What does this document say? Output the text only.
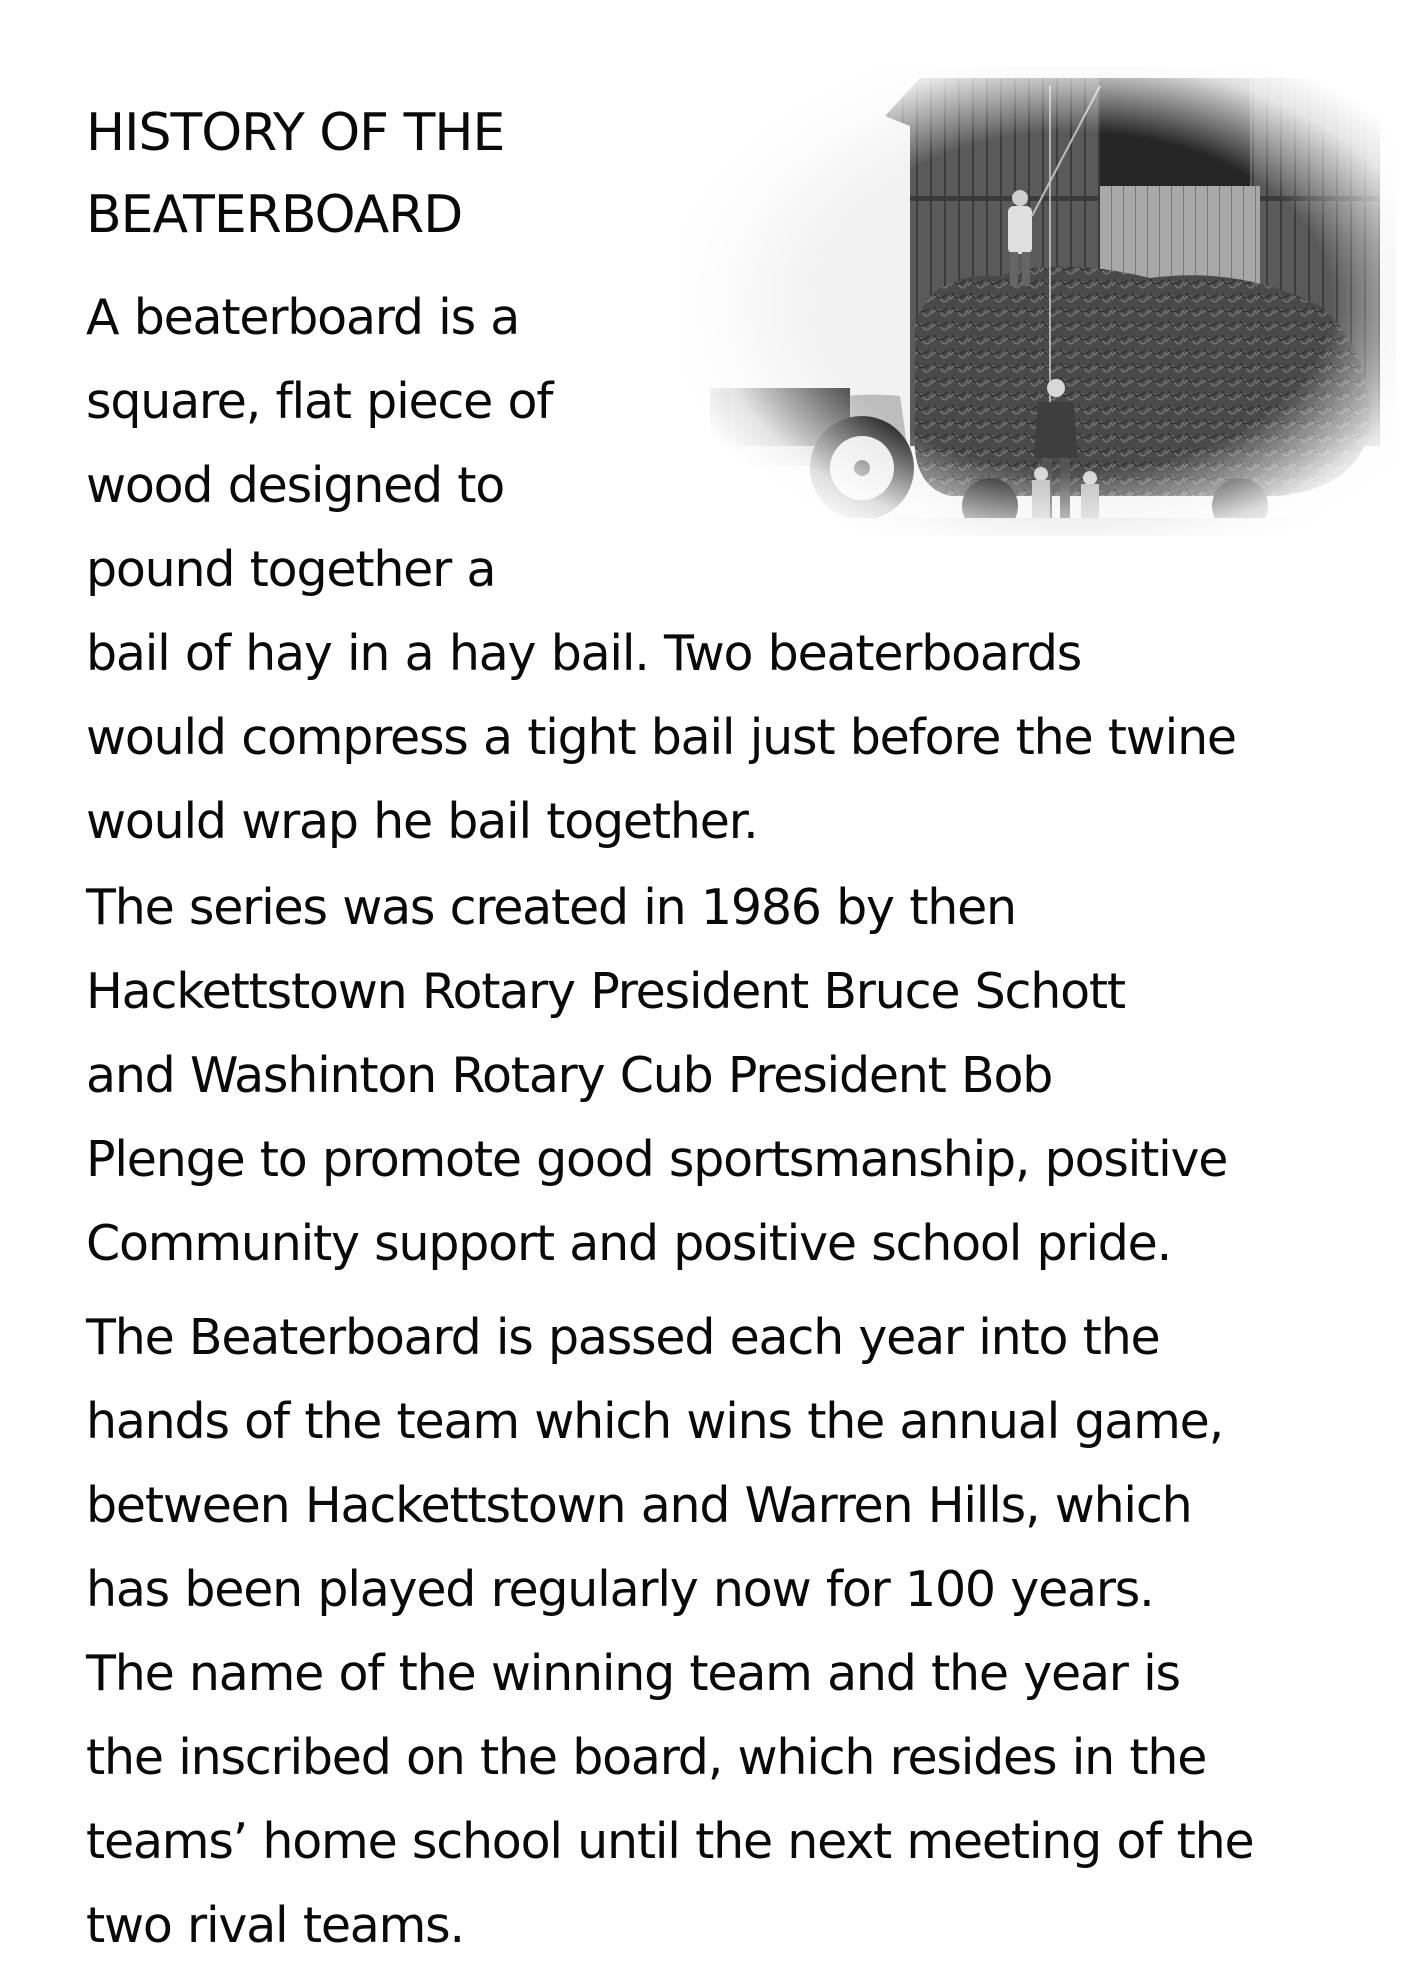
HISTORY OF THE
BEATERBOARD

A beaterboard is a
square, flat piece of
wood designed to
pound together a
bail of hay in a hay bail. Two beaterboards
would compress a tight bail just before the twine
would wrap he bail together.

The series was created in 1986 by then
Hackettstown Rotary President Bruce Schott
and Washinton Rotary Cub President Bob
Plenge to promote good sportsmanship, positive
Community support and positive school pride.

The Beaterboard is passed each year into the
hands of the team which wins the annual game,
between Hackettstown and Warren Hills, which
has been played regularly now for 100 years.
The name of the winning team and the year is
the inscribed on the board, which resides in the
teams’ home school until the next meeting of the
two rival teams.
